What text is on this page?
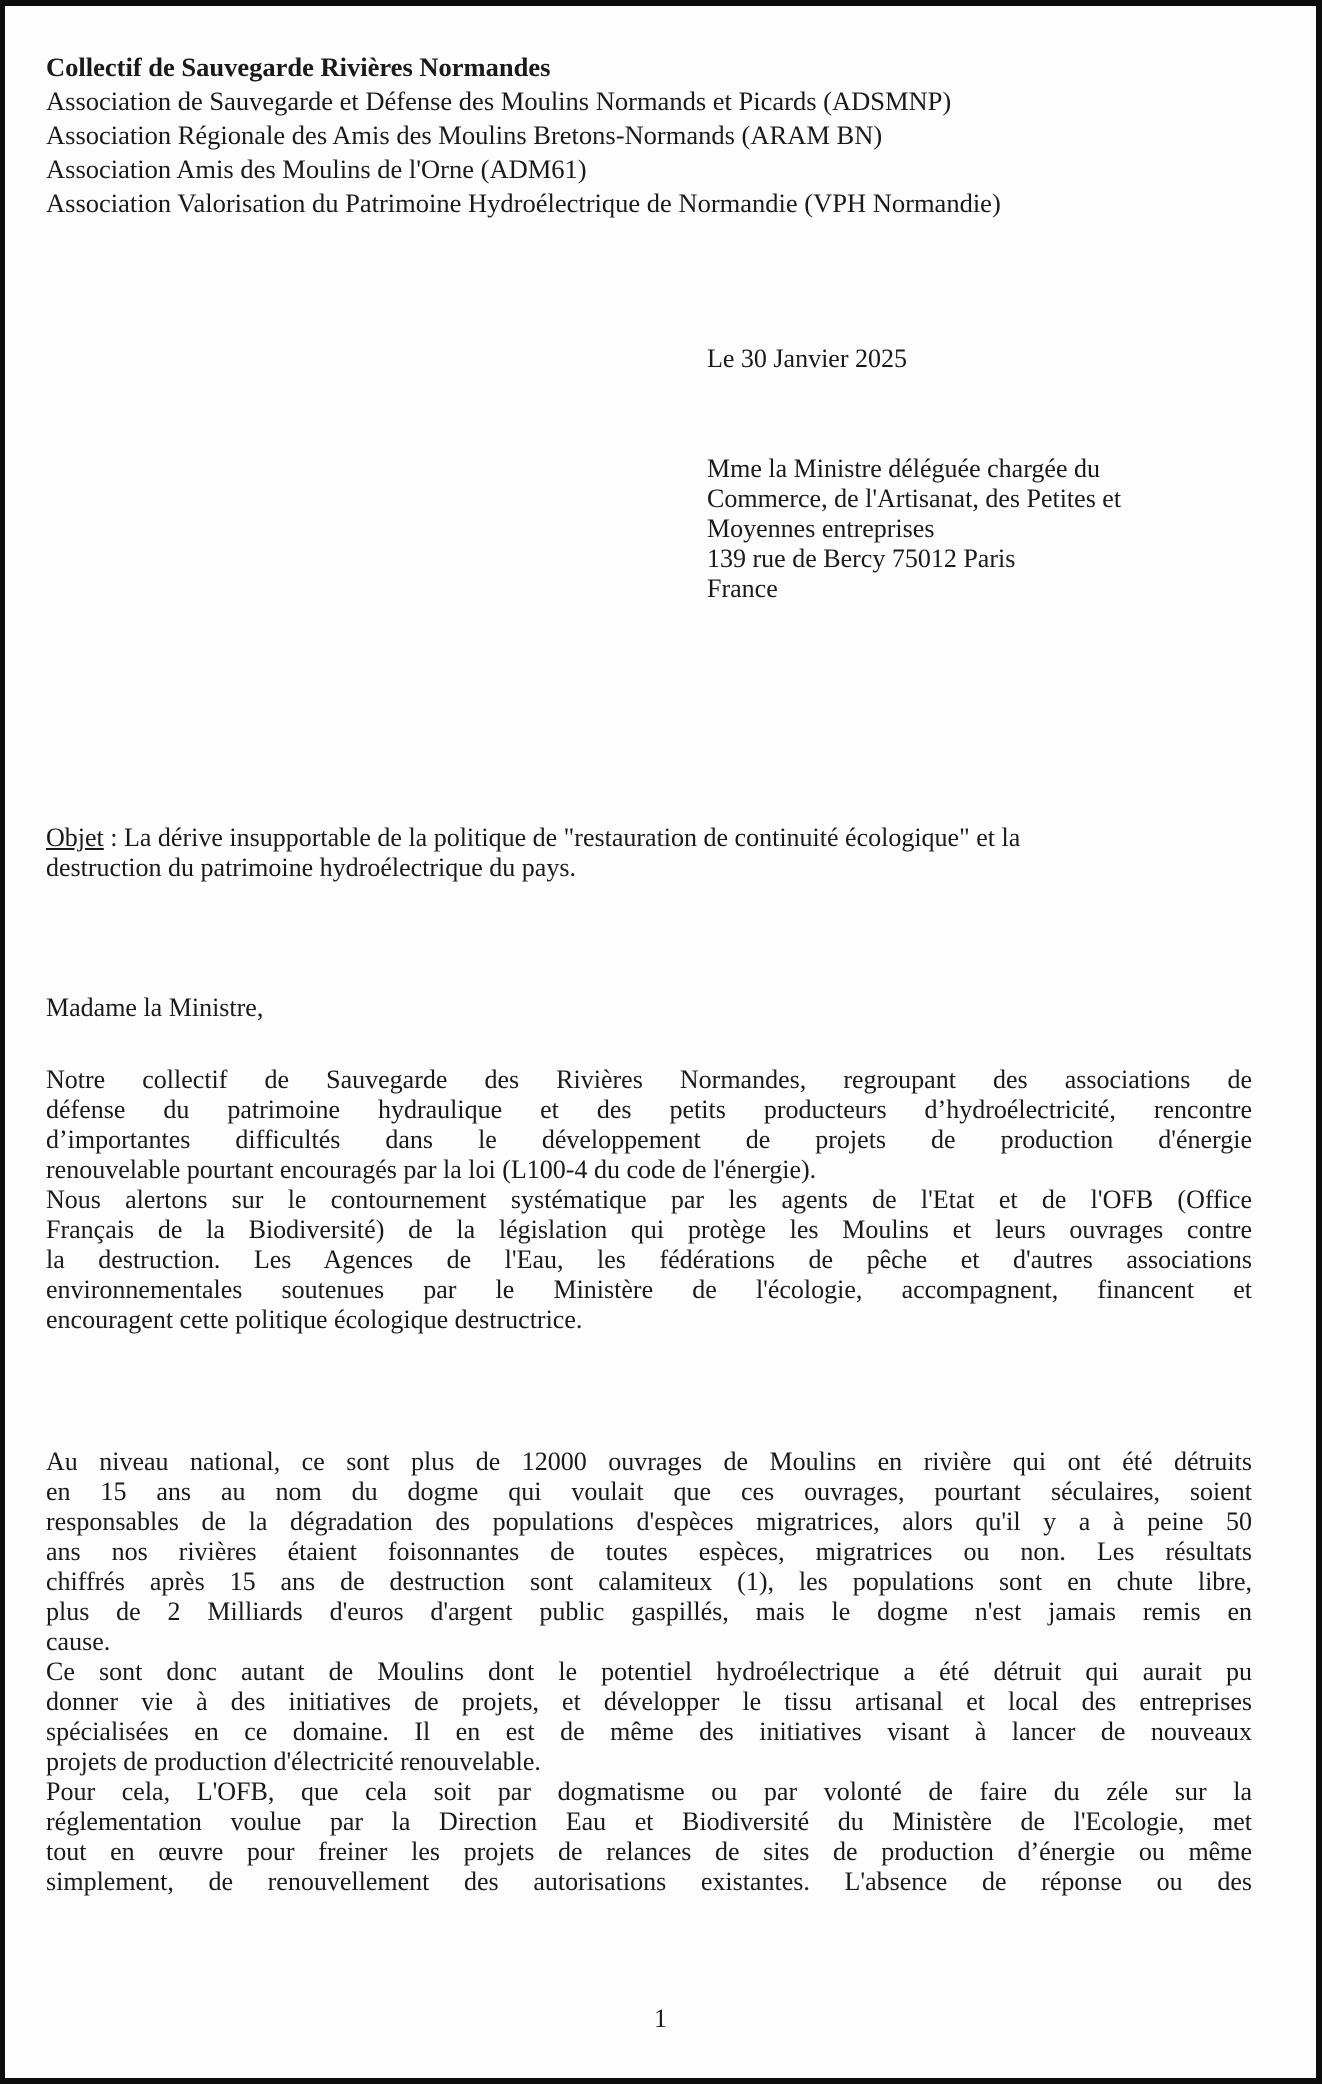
Collectif de Sauvegarde Rivières Normandes
Association de Sauvegarde et Défense des Moulins Normands et Picards (ADSMNP)
Association Régionale des Amis des Moulins Bretons-Normands (ARAM BN)
Association Amis des Moulins de l'Orne (ADM61)
Association Valorisation du Patrimoine Hydroélectrique de Normandie (VPH Normandie)
Le 30 Janvier 2025
Mme la Ministre déléguée chargée du
Commerce, de l'Artisanat, des Petites et
Moyennes entreprises
139 rue de Bercy 75012 Paris
France
Objet : La dérive insupportable de la politique de "restauration de continuité écologique" et la
destruction du patrimoine hydroélectrique du pays.
Madame la Ministre,
Notre collectif de Sauvegarde des Rivières Normandes, regroupant des associations de
défense du patrimoine hydraulique et des petits producteurs d’hydroélectricité, rencontre
d’importantes difficultés dans le développement de projets de production d'énergie
renouvelable pourtant encouragés par la loi (L100-4 du code de l'énergie).
Nous alertons sur le contournement systématique par les agents de l'Etat et de l'OFB (Office
Français de la Biodiversité) de la législation qui protège les Moulins et leurs ouvrages contre
la destruction. Les Agences de l'Eau, les fédérations de pêche et d'autres associations
environnementales soutenues par le Ministère de l'écologie, accompagnent, financent et
encouragent cette politique écologique destructrice.
Au niveau national, ce sont plus de 12000 ouvrages de Moulins en rivière qui ont été détruits
en 15 ans au nom du dogme qui voulait que ces ouvrages, pourtant séculaires, soient
responsables de la dégradation des populations d'espèces migratrices, alors qu'il y a à peine 50
ans nos rivières étaient foisonnantes de toutes espèces, migratrices ou non. Les résultats
chiffrés après 15 ans de destruction sont calamiteux (1), les populations sont en chute libre,
plus de 2 Milliards d'euros d'argent public gaspillés, mais le dogme n'est jamais remis en
cause.
Ce sont donc autant de Moulins dont le potentiel hydroélectrique a été détruit qui aurait pu
donner vie à des initiatives de projets, et développer le tissu artisanal et local des entreprises
spécialisées en ce domaine. Il en est de même des initiatives visant à lancer de nouveaux
projets de production d'électricité renouvelable.
Pour cela, L'OFB, que cela soit par dogmatisme ou par volonté de faire du zéle sur la
réglementation voulue par la Direction Eau et Biodiversité du Ministère de l'Ecologie, met
tout en œuvre pour freiner les projets de relances de sites de production d’énergie ou même
simplement, de renouvellement des autorisations existantes. L'absence de réponse ou des
1
